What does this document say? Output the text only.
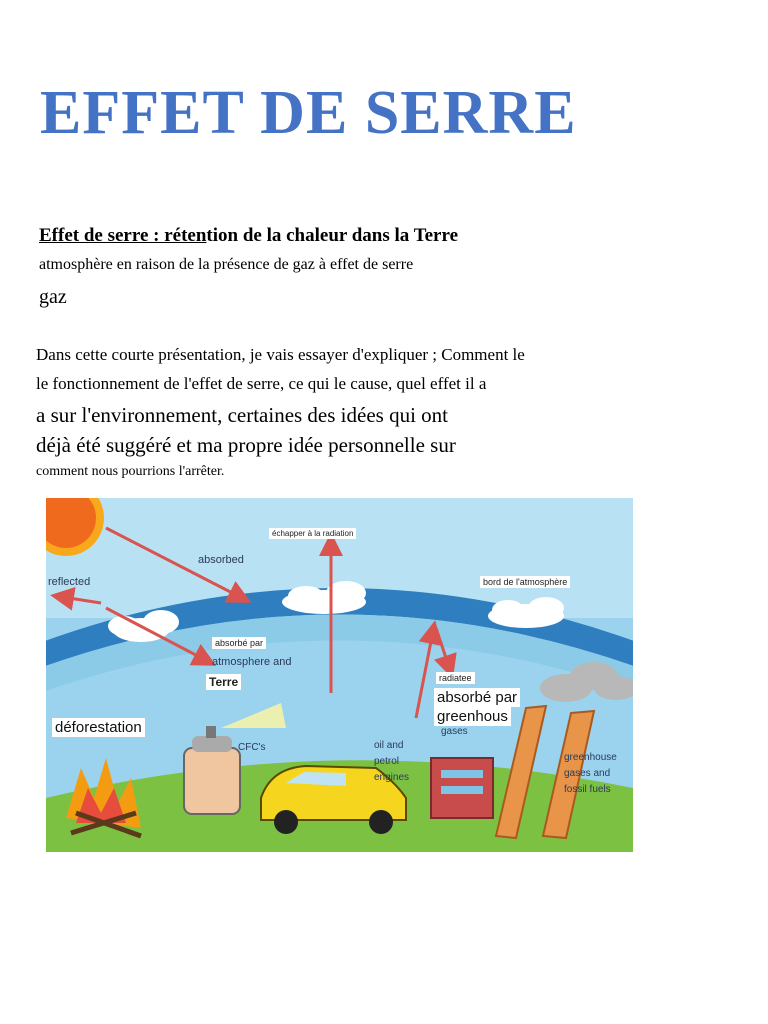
EFFET DE SERRE
Effet de serre : rétention de la chaleur dans la Terre
atmosphère en raison de la présence de gaz à effet de serre
gaz
Dans cette courte présentation, je vais essayer d'expliquer ; Comment le
le fonctionnement de l'effet de serre, ce qui le cause, quel effet il a
a sur l'environnement, certaines des idées qui ont
déjà été suggéré et ma propre idée personnelle sur
comment nous pourrions l'arrêter.
échapper à la radiation
absorbed
reflected	bord de l'atmosphère
absorbé par
atmosphere and
Terre	radiatee
absorbé par
greenhous
gases
déforestation
CFC's	oil and
petrol
engines
greenhouse
gases and
fossil fuels
